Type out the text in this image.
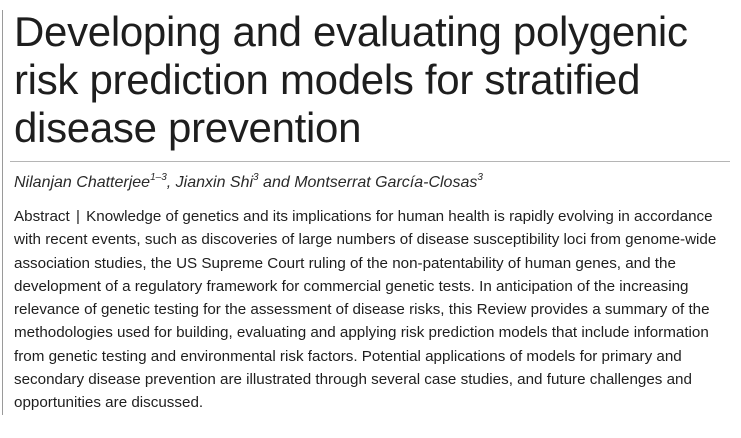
Developing and evaluating polygenic risk prediction models for stratified disease prevention
Nilanjan Chatterjee$^{1-3}$, Jianxin Shi$^3$ and Montserrat García-Closas$^3$

Abstract | Knowledge of genetics and its implications for human health is rapidly evolving in accordance with recent events, such as discoveries of large numbers of disease susceptibility loci from genome-wide association studies, the US Supreme Court ruling of the non-patentability of human genes, and the development of a regulatory framework for commercial genetic tests. In anticipation of the increasing relevance of genetic testing for the assessment of disease risks, this Review provides a summary of the methodologies used for building, evaluating and applying risk prediction models that include information from genetic testing and environmental risk factors. Potential applications of models for primary and secondary disease prevention are illustrated through several case studies, and future challenges and opportunities are discussed.
